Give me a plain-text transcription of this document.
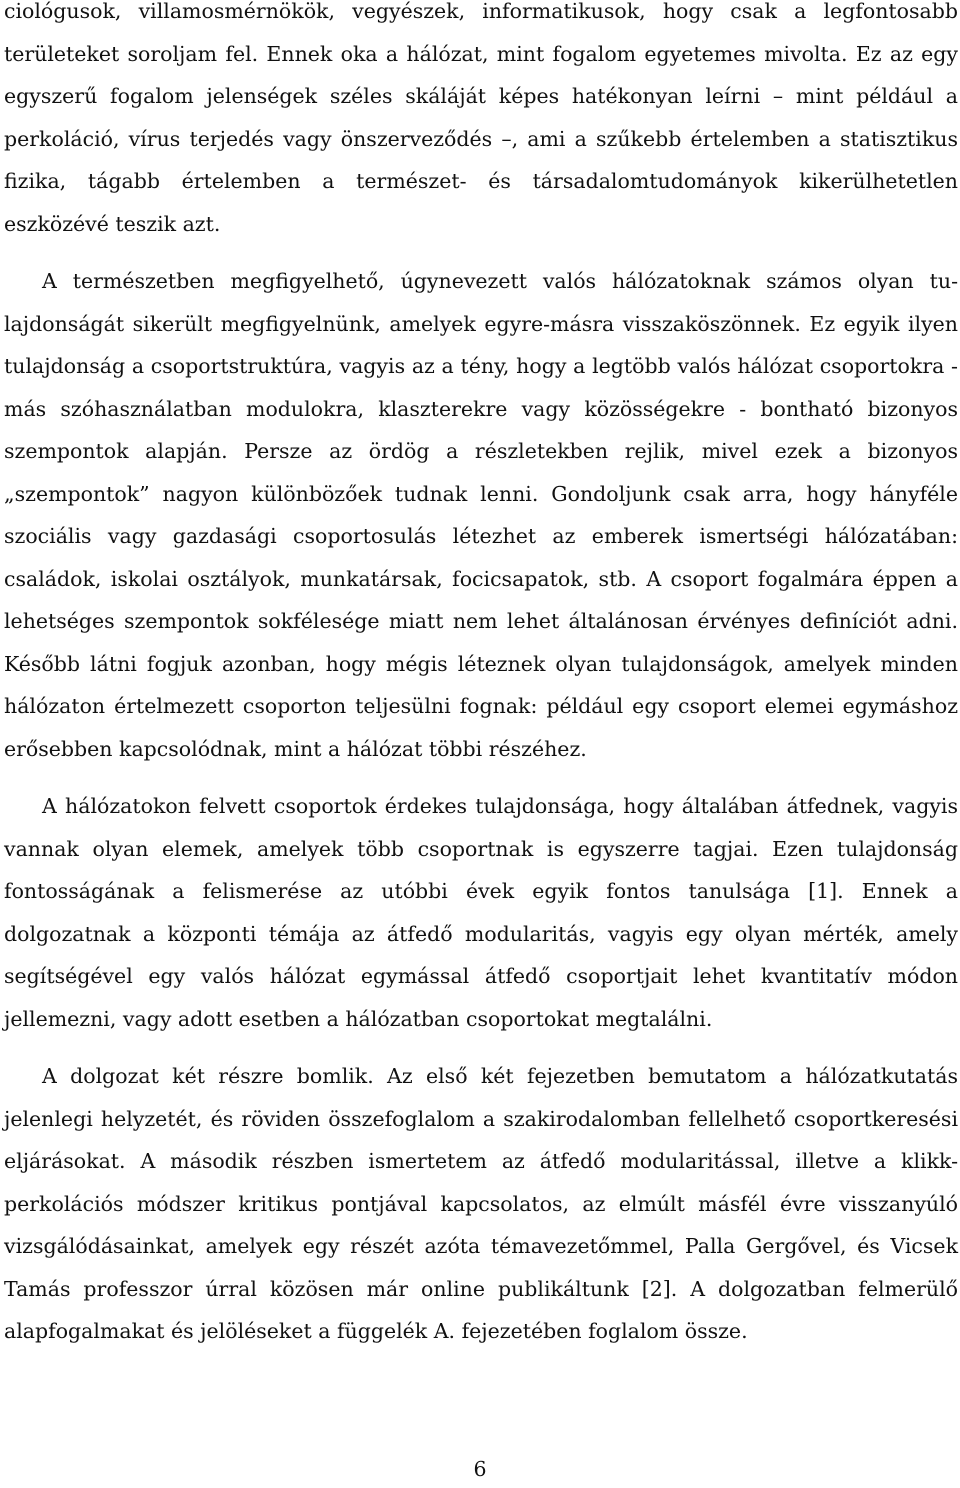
ciológusok, villamosmérnökök, vegyészek, informatikusok, hogy csak a legfontosabb területeket soroljam fel. Ennek oka a hálózat, mint fogalom egyetemes mivolta. Ez az egy egyszerű fogalom jelenségek széles skáláját képes hatékonyan leírni – mint például a perkoláció, vírus terjedés vagy önszerveződés –, ami a szűkebb értelemben a statisztikus fizika, tágabb értelemben a természet- és társadalomtudományok kikerülhetetlen eszközévé teszik azt.

A természetben megfigyelhető, úgynevezett valós hálózatoknak számos olyan tulajdonságát sikerült megfigyelnünk, amelyek egyre-másra visszaköszönnek. Ez egyik ilyen tulajdonság a csoportstruktúra, vagyis az a tény, hogy a legtöbb valós hálózat csoportokra - más szóhasználatban modulokra, klaszterekre vagy közösségekre - bontható bizonyos szempontok alapján. Persze az ördög a részletekben rejlik, mivel ezek a bizonyos „szempontok” nagyon különbözőek tudnak lenni. Gondoljunk csak arra, hogy hányféle szociális vagy gazdasági csoportosulás létezhet az emberek ismertségi hálózatában: családok, iskolai osztályok, munkatársak, focicsapatok, stb. A csoport fogalmára éppen a lehetséges szempontok sokfélesége miatt nem lehet általánosan érvényes definíciót adni. Később látni fogjuk azonban, hogy mégis léteznek olyan tulajdonságok, amelyek minden hálózaton értelmezett csoporton teljesülni fognak: például egy csoport elemei egymáshoz erősebben kapcsolódnak, mint a hálózat többi részéhez.

A hálózatokon felvett csoportok érdekes tulajdonsága, hogy általában átfednek, vagyis vannak olyan elemek, amelyek több csoportnak is egyszerre tagjai. Ezen tulajdonság fontosságának a felismerése az utóbbi évek egyik fontos tanulsága [1]. Ennek a dolgozatnak a központi témája az átfedő modularitás, vagyis egy olyan mérték, amely segítségével egy valós hálózat egymással átfedő csoportjait lehet kvantitatív módon jellemezni, vagy adott esetben a hálózatban csoportokat megtalálni.

A dolgozat két részre bomlik. Az első két fejezetben bemutatom a hálózatkutatás jelenlegi helyzetét, és röviden összefoglalom a szakirodalomban fellelhető csoportkeresési eljárásokat. A második részben ismertetem az átfedő modularitással, illetve a klikk-perkolációs módszer kritikus pontjával kapcsolatos, az elmúlt másfél évre visszanyúló vizsgálódásainkat, amelyek egy részét azóta témavezetőmmel, Palla Gergővel, és Vicsek Tamás professzor úrral közösen már online publikáltunk [2]. A dolgozatban felmerülő alapfogalmakat és jelöléseket a függelék A. fejezetében foglalom össze.

6
